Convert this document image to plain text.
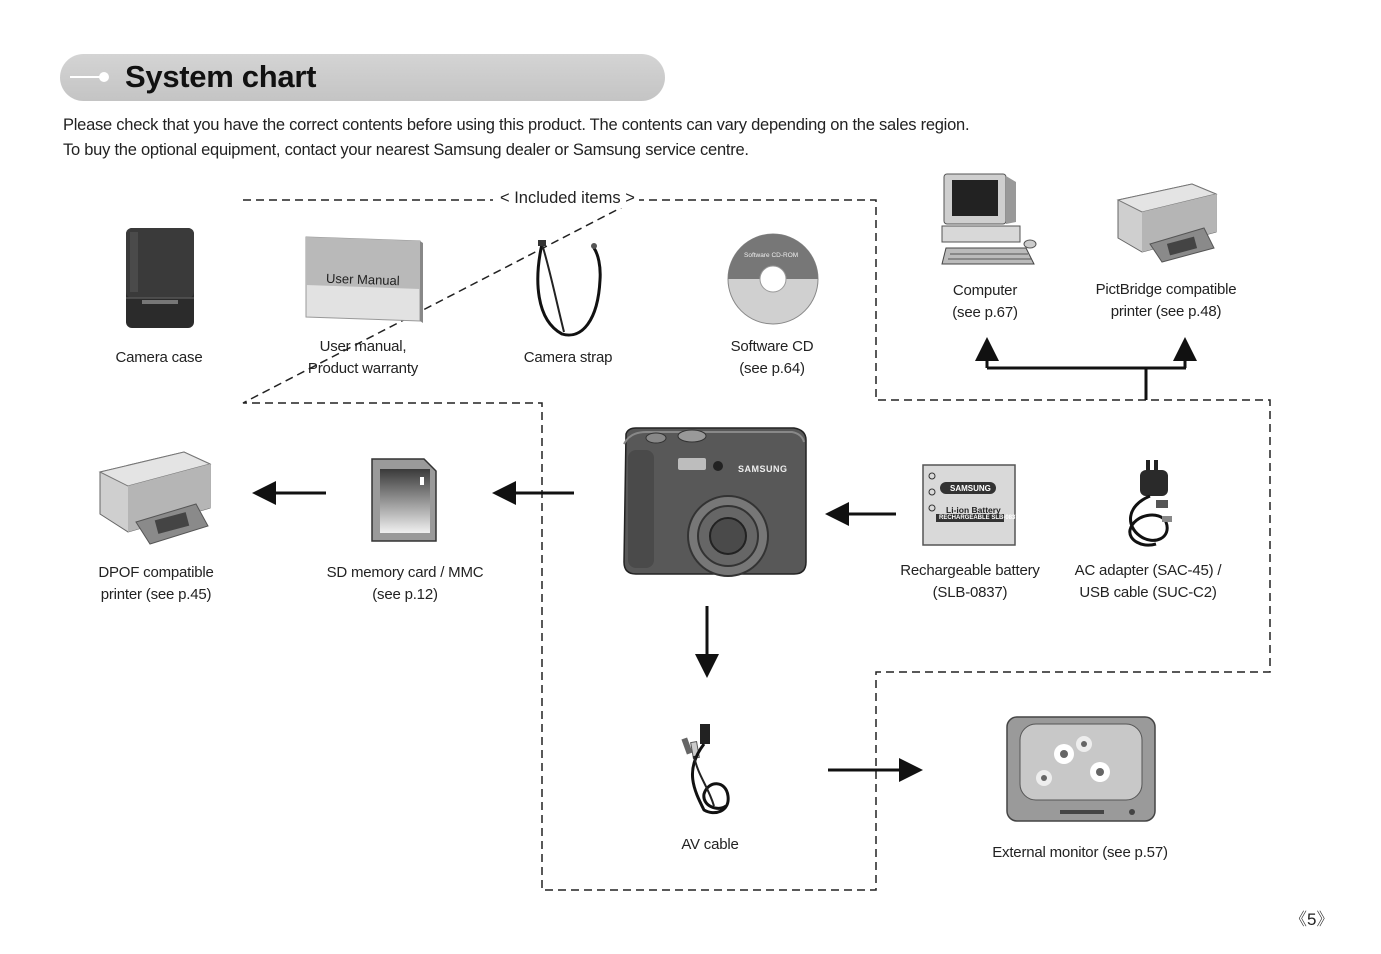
System chart
Please check that you have the correct contents before using this product. The contents can vary depending on the sales region.
To buy the optional equipment, contact your nearest Samsung dealer or Samsung service centre.
< Included items >
Camera case
User Manual
User manual,
Product warranty
Camera strap
Software CD-ROM
Software CD
(see p.64)
Computer
(see p.67)
PictBridge compatible
printer (see p.48)
DPOF compatible
printer (see p.45)
SD memory card / MMC
(see p.12)
SAMSUNG
SAMSUNG
Li-ion Battery
RECHARGEABLE SLB-0837
Rechargeable battery
(SLB-0837)
AC adapter (SAC-45) /
USB cable (SUC-C2)
AV cable	External monitor (see p.57)
《5》
